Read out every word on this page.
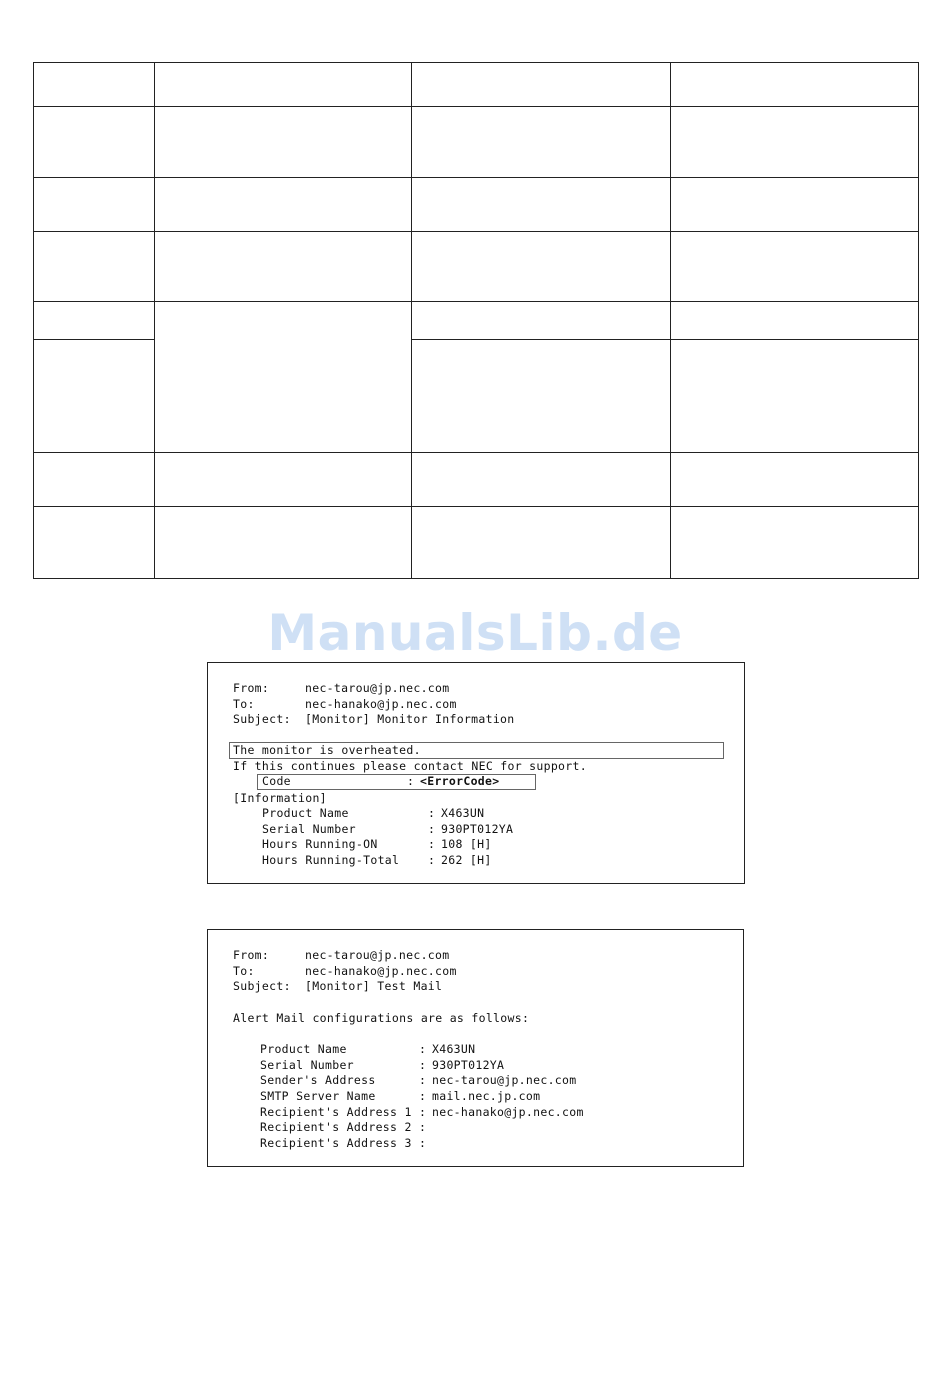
ManualsLib.de
From:	nec-tarou@jp.nec.com
To:	nec-hanako@jp.nec.com
Subject: [Monitor] Monitor Information
The monitor is overheated.
If this continues please contact NEC for support.
Code	: <ErrorCode>
[Information]
Product Name	: X463UN
Serial Number	: 930PT012YA
Hours Running-ON	: 108 [H]
Hours Running-Total	: 262 [H]
From:	nec-tarou@jp.nec.com
To:	nec-hanako@jp.nec.com
Subject: [Monitor] Test Mail
Alert Mail configurations are as follows:
Product Name	: X463UN
Serial Number	: 930PT012YA
Sender's Address	: nec-tarou@jp.nec.com
SMTP Server Name	: mail.nec.jp.com
Recipient's Address 1 : nec-hanako@jp.nec.com
Recipient's Address 2 :
Recipient's Address 3 :
